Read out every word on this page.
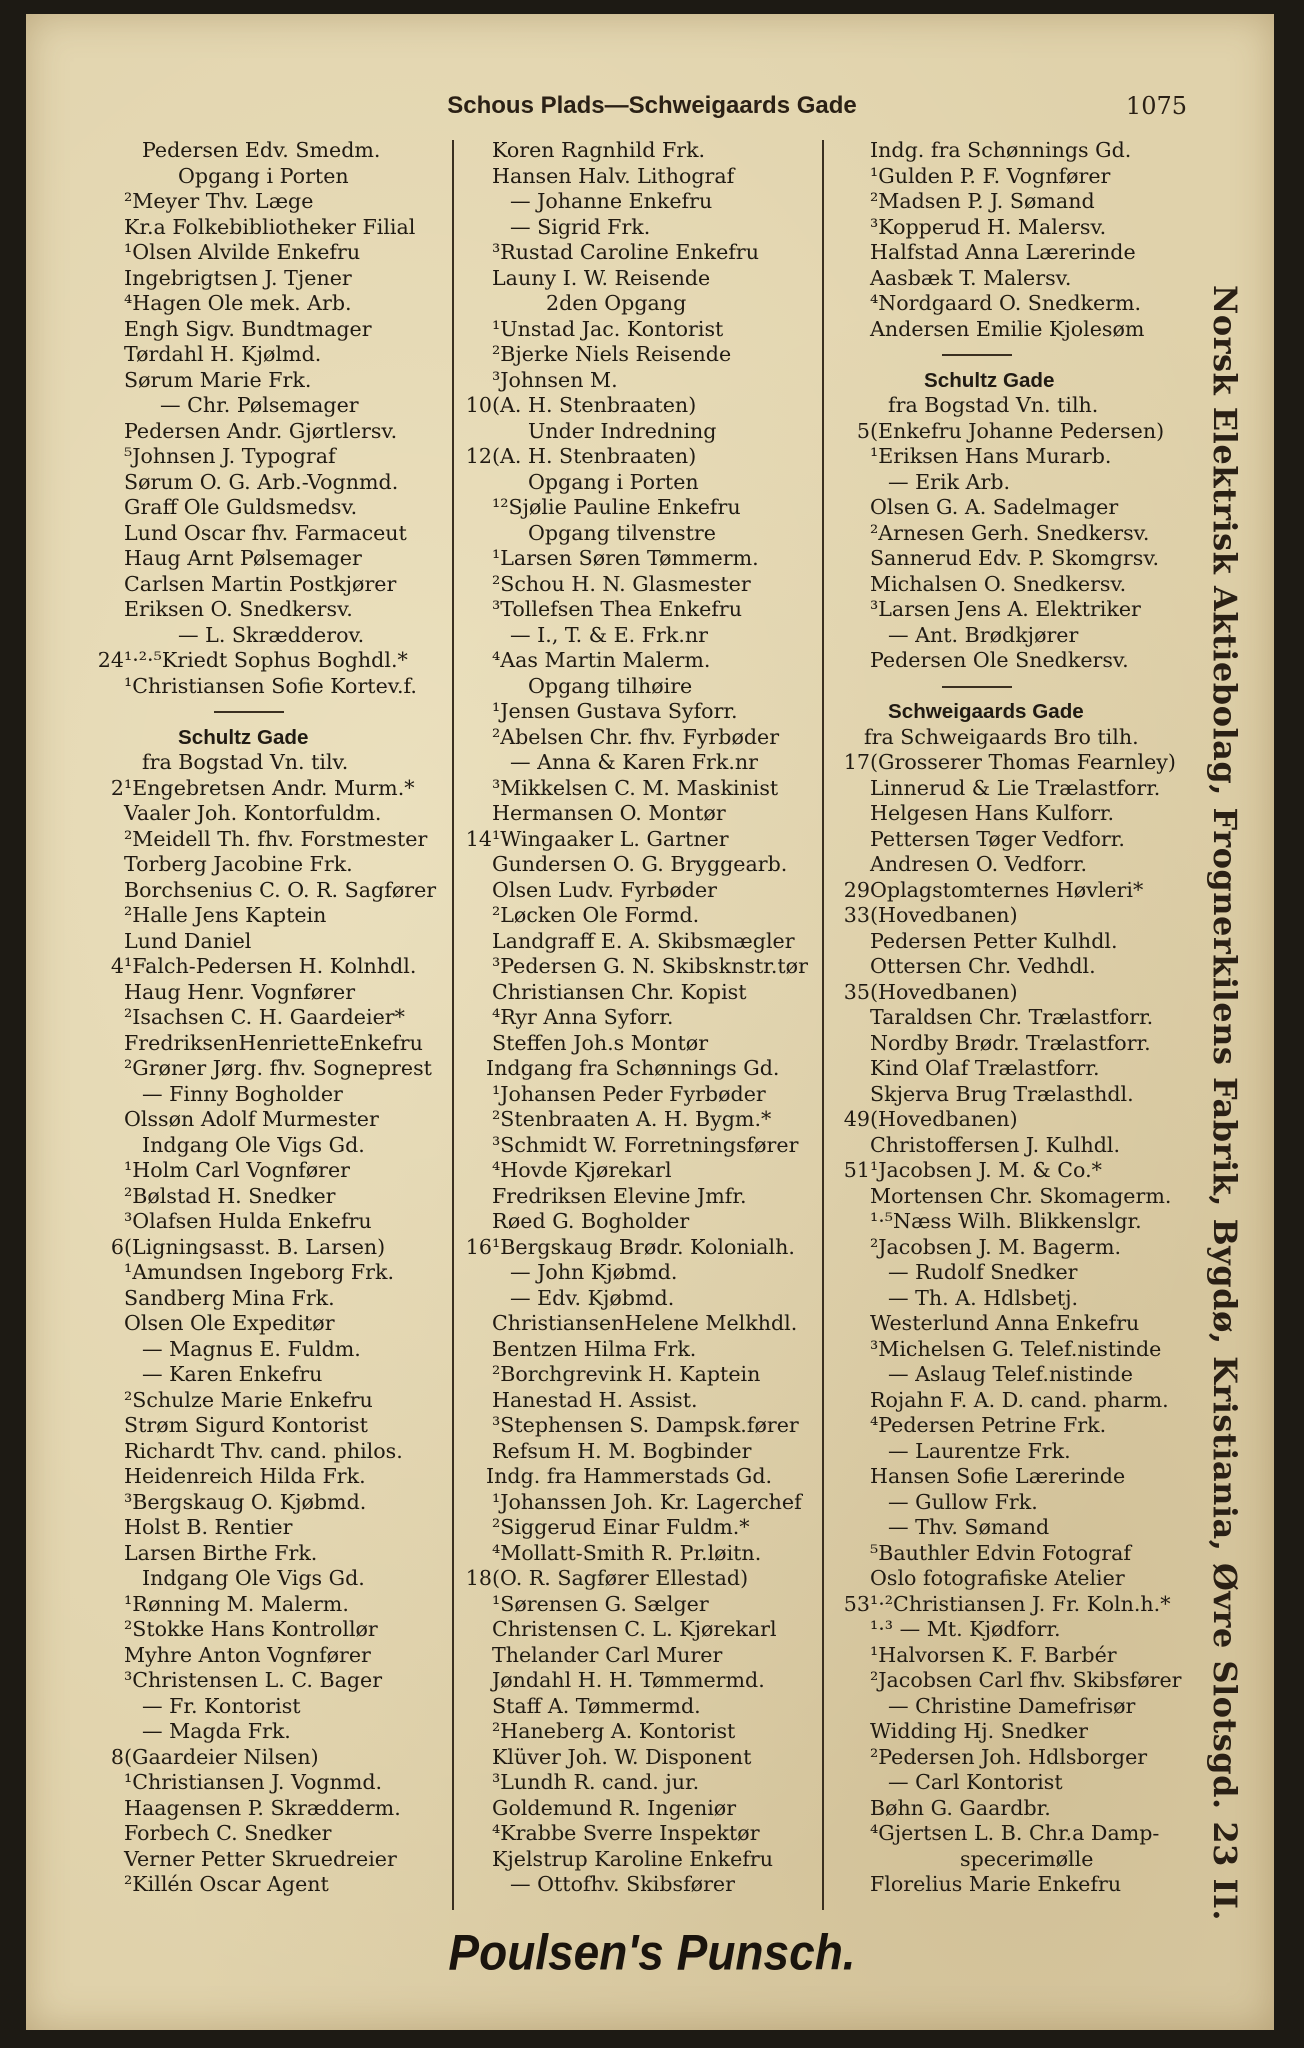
Schous Plads—Schweigaards Gade	1075
Pedersen Edv. Smedm.
Opgang i Porten
²Meyer Thv. Læge
Kr.a Folkebibliotheker Filial
¹Olsen Alvilde Enkefru
Ingebrigtsen J. Tjener
⁴Hagen Ole mek. Arb.
Engh Sigv. Bundtmager
Tørdahl H. Kjølmd.
Sørum Marie Frk.
— Chr. Pølsemager
Pedersen Andr. Gjørtlersv.
⁵Johnsen J. Typograf
Sørum O. G. Arb.-Vognmd.
Graff Ole Guldsmedsv.
Lund Oscar fhv. Farmaceut
Haug Arnt Pølsemager
Carlsen Martin Postkjører
Eriksen O. Snedkersv.
— L. Skrædderov.
24 ¹·²·⁵Kriedt Sophus Boghdl.*
¹Christiansen Sofie Kortev.f.
Schultz Gade
fra Bogstad Vn. tilv.
2 ¹Engebretsen Andr. Murm.*
Vaaler Joh. Kontorfuldm.
²Meidell Th. fhv. Forstmester
Torberg Jacobine Frk.
Borchsenius C. O. R. Sagfører
²Halle Jens Kaptein
Lund Daniel
4 ¹Falch-Pedersen H. Kolnhdl.
Haug Henr. Vognfører
²Isachsen C. H. Gaardeier*
FredriksenHenrietteEnkefru
²Grøner Jørg. fhv. Sogneprest
— Finny Bogholder
Olssøn Adolf Murmester
Indgang Ole Vigs Gd.
¹Holm Carl Vognfører
²Bølstad H. Snedker
³Olafsen Hulda Enkefru
6 (Ligningsasst. B. Larsen)
¹Amundsen Ingeborg Frk.
Sandberg Mina Frk.
Olsen Ole Expeditør
— Magnus E. Fuldm.
— Karen Enkefru
²Schulze Marie Enkefru
Strøm Sigurd Kontorist
Richardt Thv. cand. philos.
Heidenreich Hilda Frk.
³Bergskaug O. Kjøbmd.
Holst B. Rentier
Larsen Birthe Frk.
Indgang Ole Vigs Gd.
¹Rønning M. Malerm.
²Stokke Hans Kontrollør
Myhre Anton Vognfører
³Christensen L. C. Bager
— Fr. Kontorist
— Magda Frk.
8 (Gaardeier Nilsen)
¹Christiansen J. Vognmd.
Haagensen P. Skrædderm.
Forbech C. Snedker
Verner Petter Skruedreier
²Killén Oscar Agent
Koren Ragnhild Frk.
Hansen Halv. Lithograf
— Johanne Enkefru
— Sigrid Frk.
³Rustad Caroline Enkefru
Launy I. W. Reisende
2den Opgang
¹Unstad Jac. Kontorist
²Bjerke Niels Reisende
³Johnsen M.
10 (A. H. Stenbraaten)
Under Indredning
12 (A. H. Stenbraaten)
Opgang i Porten
¹²Sjølie Pauline Enkefru
Opgang tilvenstre
¹Larsen Søren Tømmerm.
²Schou H. N. Glasmester
³Tollefsen Thea Enkefru
— I., T. & E. Frk.nr
⁴Aas Martin Malerm.
Opgang tilhøire
¹Jensen Gustava Syforr.
²Abelsen Chr. fhv. Fyrbøder
— Anna & Karen Frk.nr
³Mikkelsen C. M. Maskinist
Hermansen O. Montør
14 ¹Wingaaker L. Gartner
Gundersen O. G. Bryggearb.
Olsen Ludv. Fyrbøder
²Løcken Ole Formd.
Landgraff E. A. Skibsmægler
³Pedersen G. N. Skibsknstr.tør
Christiansen Chr. Kopist
⁴Ryr Anna Syforr.
Steffen Joh.s Montør
Indgang fra Schønnings Gd.
¹Johansen Peder Fyrbøder
²Stenbraaten A. H. Bygm.*
³Schmidt W. Forretningsfører
⁴Hovde Kjørekarl
Fredriksen Elevine Jmfr.
Røed G. Bogholder
16 ¹Bergskaug Brødr. Kolonialh.
— John Kjøbmd.
— Edv. Kjøbmd.
ChristiansenHelene Melkhdl.
Bentzen Hilma Frk.
²Borchgrevink H. Kaptein
Hanestad H. Assist.
³Stephensen S. Dampsk.fører
Refsum H. M. Bogbinder
Indg. fra Hammerstads Gd.
¹Johanssen Joh. Kr. Lagerchef
²Siggerud Einar Fuldm.*
⁴Mollatt-Smith R. Pr.løitn.
18 (O. R. Sagfører Ellestad)
¹Sørensen G. Sælger
Christensen C. L. Kjørekarl
Thelander Carl Murer
Jøndahl H. H. Tømmermd.
Staff A. Tømmermd.
²Haneberg A. Kontorist
Klüver Joh. W. Disponent
³Lundh R. cand. jur.
Goldemund R. Ingeniør
⁴Krabbe Sverre Inspektør
Kjelstrup Karoline Enkefru
— Ottofhv. Skibsfører
Indg. fra Schønnings Gd.
¹Gulden P. F. Vognfører
²Madsen P. J. Sømand
³Kopperud H. Malersv.
Halfstad Anna Lærerinde
Aasbæk T. Malersv.
⁴Nordgaard O. Snedkerm.
Andersen Emilie Kjolesøm
Schultz Gade
fra Bogstad Vn. tilh.
5 (Enkefru Johanne Pedersen)
¹Eriksen Hans Murarb.
— Erik Arb.
Olsen G. A. Sadelmager
²Arnesen Gerh. Snedkersv.
Sannerud Edv. P. Skomgrsv.
Michalsen O. Snedkersv.
³Larsen Jens A. Elektriker
— Ant. Brødkjører
Pedersen Ole Snedkersv.
Schweigaards Gade
fra Schweigaards Bro tilh.
17 (Grosserer Thomas Fearnley)
Linnerud & Lie Trælastforr.
Helgesen Hans Kulforr.
Pettersen Tøger Vedforr.
Andresen O. Vedforr.
29 Oplagstomternes Høvleri*
33 (Hovedbanen)
Pedersen Petter Kulhdl.
Ottersen Chr. Vedhdl.
35 (Hovedbanen)
Taraldsen Chr. Trælastforr.
Nordby Brødr. Trælastforr.
Kind Olaf Trælastforr.
Skjerva Brug Trælasthdl.
49 (Hovedbanen)
Christoffersen J. Kulhdl.
51 ¹Jacobsen J. M. & Co.*
Mortensen Chr. Skomagerm.
¹·⁵Næss Wilh. Blikkenslgr.
²Jacobsen J. M. Bagerm.
— Rudolf Snedker
— Th. A. Hdlsbetj.
Westerlund Anna Enkefru
³Michelsen G. Telef.nistinde
— Aslaug Telef.nistinde
Rojahn F. A. D. cand. pharm.
⁴Pedersen Petrine Frk.
— Laurentze Frk.
Hansen Sofie Lærerinde
— Gullow Frk.
— Thv. Sømand
⁵Bauthler Edvin Fotograf
Oslo fotografiske Atelier
53 ¹·²Christiansen J. Fr. Koln.h.*
¹·³ — Mt. Kjødforr.
¹Halvorsen K. F. Barbér
²Jacobsen Carl fhv. Skibsfører
— Christine Damefrisør
Widding Hj. Snedker
²Pedersen Joh. Hdlsborger
— Carl Kontorist
Bøhn G. Gaardbr.
⁴Gjertsen L. B. Chr.a Damp-
specerimølle
Florelius Marie Enkefru	Norsk Elektrisk Aktiebolag, Frognerkilens Fabrik, Bygdø, Kristiania, Øvre Slotsgd. 23 II.
Poulsen's Punsch.
